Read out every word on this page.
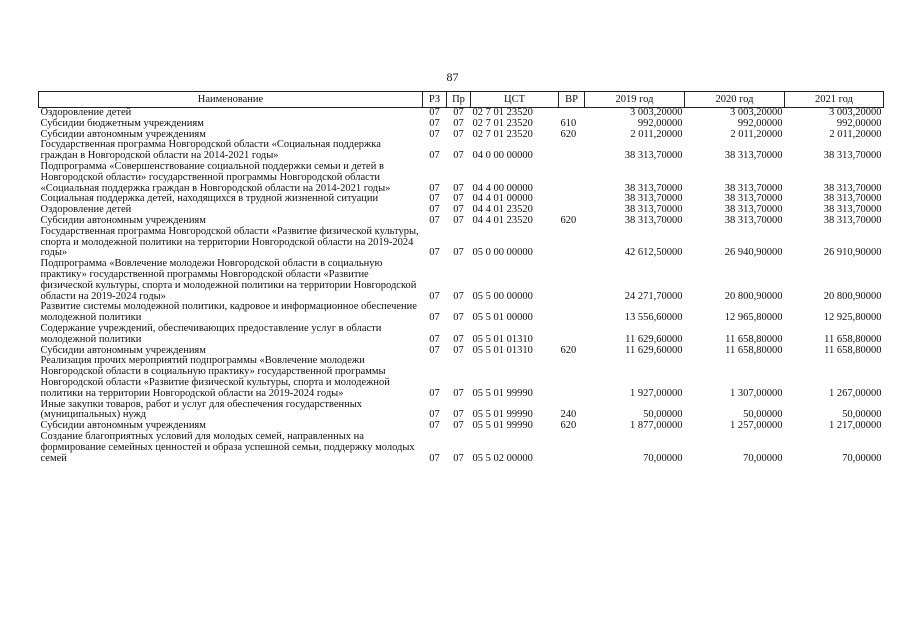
87
Наименование	РЗ	Пр	ЦСТ	ВР	2019 год	2020 год	2021 год
Оздоровление детей	07	07	02 7 01 23520		3 003,20000	3 003,20000	3 003,20000
Субсидии бюджетным учреждениям	07	07	02 7 01 23520	610	992,00000	992,00000	992,00000
Субсидии автономным учреждениям	07	07	02 7 01 23520	620	2 011,20000	2 011,20000	2 011,20000
Государственная программа Новгородской области «Социальная поддержка граждан в Новгородской области на 2014-2021 годы»	07	07	04 0 00 00000		38 313,70000	38 313,70000	38 313,70000
Подпрограмма «Совершенствование социальной поддержки семьи и детей в Новгородской области» государственной программы Новгородской области «Социальная поддержка граждан в Новгородской области на 2014-2021 годы»	07	07	04 4 00 00000		38 313,70000	38 313,70000	38 313,70000
Социальная поддержка детей, находящихся в трудной жизненной ситуации	07	07	04 4 01 00000		38 313,70000	38 313,70000	38 313,70000
Оздоровление детей	07	07	04 4 01 23520		38 313,70000	38 313,70000	38 313,70000
Субсидии автономным учреждениям	07	07	04 4 01 23520	620	38 313,70000	38 313,70000	38 313,70000
Государственная программа Новгородской области «Развитие физической культуры, спорта и молодежной политики на территории Новгородской области на 2019-2024 годы»	07	07	05 0 00 00000		42 612,50000	26 940,90000	26 910,90000
Подпрограмма «Вовлечение молодежи Новгородской области в социальную практику» государственной программы Новгородской области «Развитие физической культуры, спорта и молодежной политики на территории Новгородской области на 2019-2024 годы»	07	07	05 5 00 00000		24 271,70000	20 800,90000	20 800,90000
Развитие системы молодежной политики, кадровое и информационное обеспечение молодежной политики	07	07	05 5 01 00000		13 556,60000	12 965,80000	12 925,80000
Содержание учреждений, обеспечивающих предоставление услуг в области молодежной политики	07	07	05 5 01 01310		11 629,60000	11 658,80000	11 658,80000
Субсидии автономным учреждениям	07	07	05 5 01 01310	620	11 629,60000	11 658,80000	11 658,80000
Реализация прочих мероприятий подпрограммы «Вовлечение молодежи Новгородской области в социальную практику» государственной программы Новгородской области «Развитие физической культуры, спорта и молодежной политики на территории Новгородской области на 2019-2024 годы»	07	07	05 5 01 99990		1 927,00000	1 307,00000	1 267,00000
Иные закупки товаров, работ и услуг для обеспечения государственных (муниципальных) нужд	07	07	05 5 01 99990	240	50,00000	50,00000	50,00000
Субсидии автономным учреждениям	07	07	05 5 01 99990	620	1 877,00000	1 257,00000	1 217,00000
Создание благоприятных условий для молодых семей, направленных на формирование семейных ценностей и образа успешной семьи, поддержку молодых семей	07	07	05 5 02 00000		70,00000	70,00000	70,00000
